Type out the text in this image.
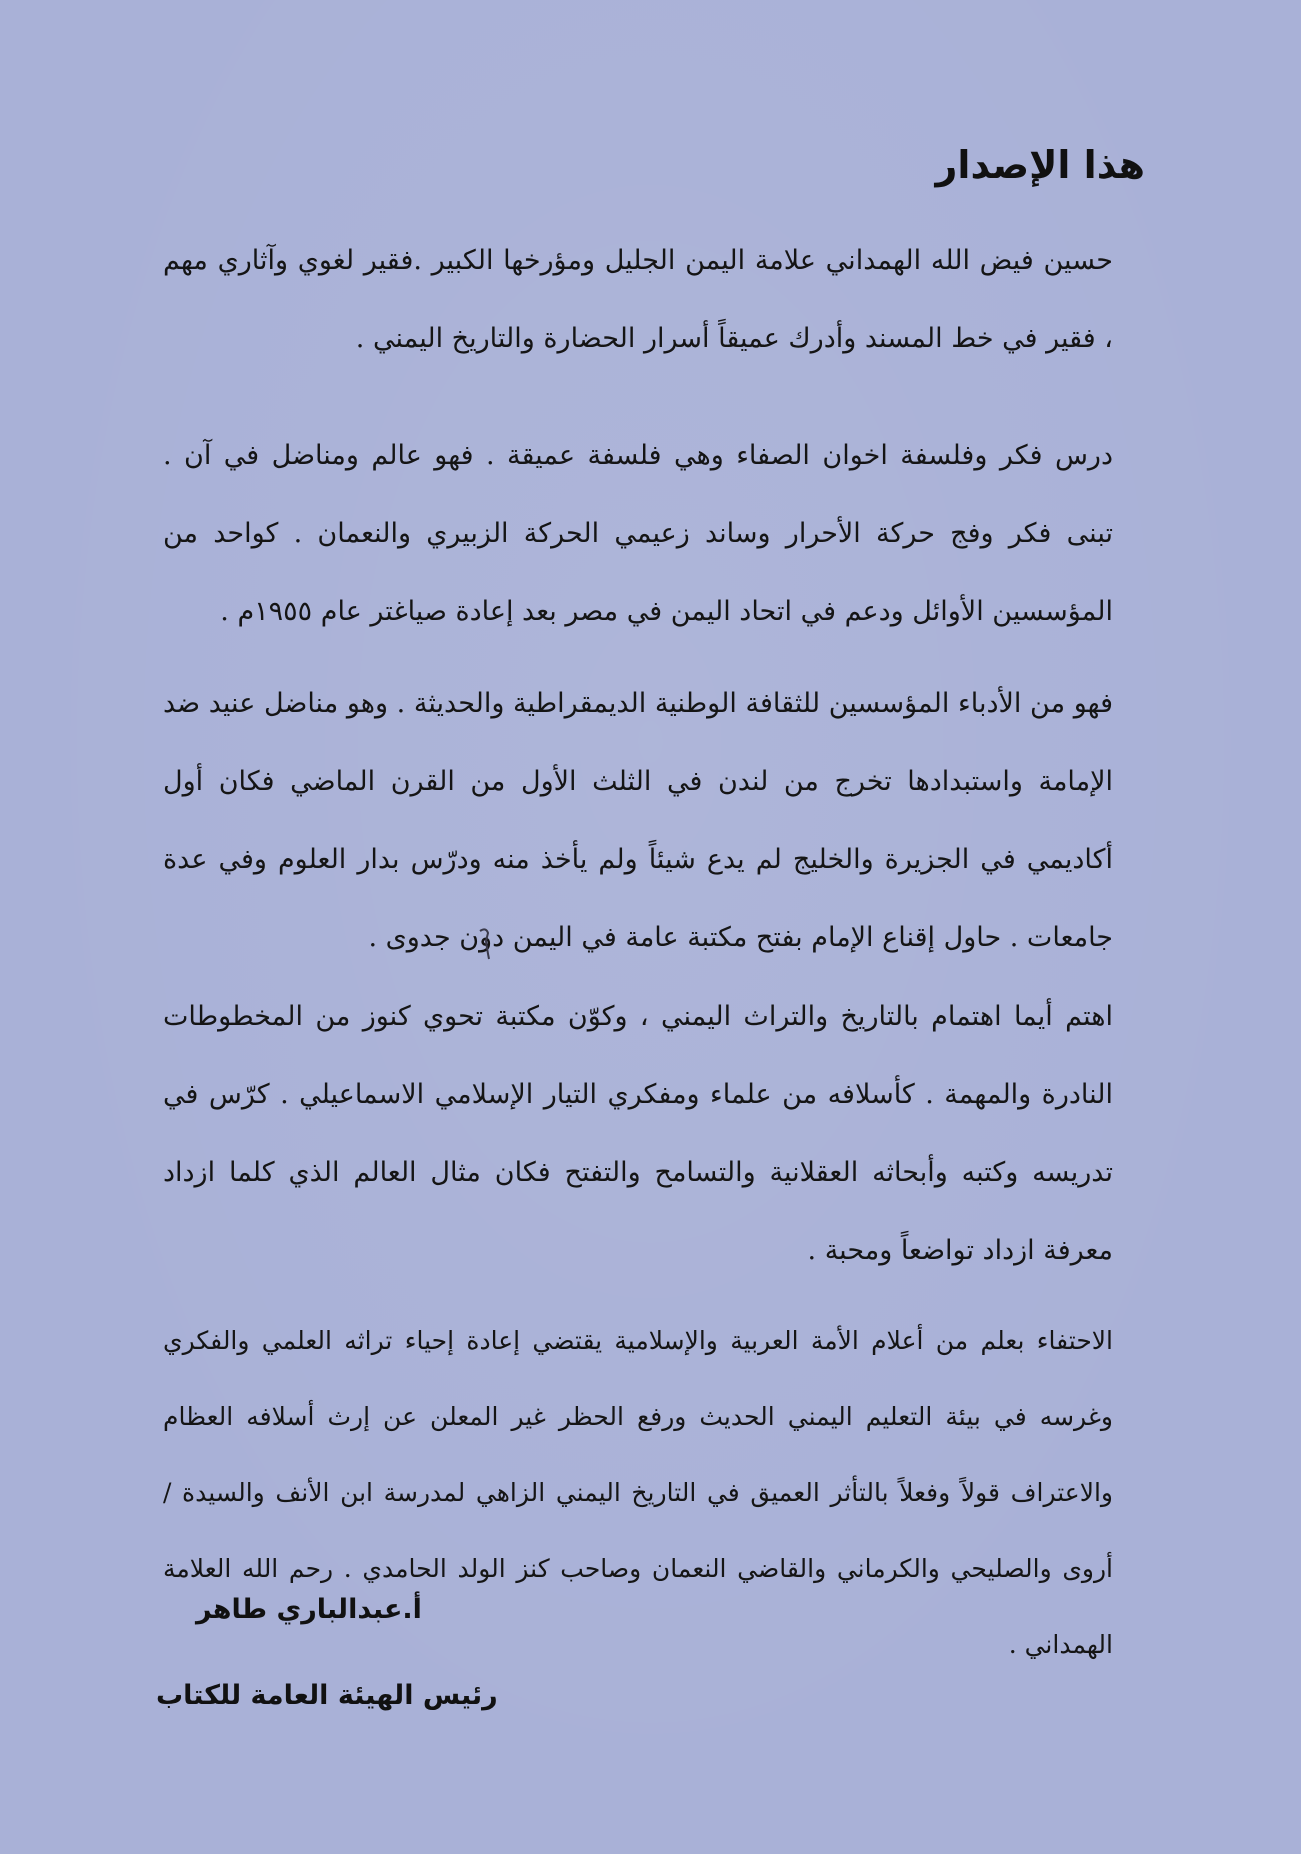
هذا الإصدار

حسين فيض الله الهمداني علامة اليمن الجليل ومؤرخها الكبير .فقير لغوي وآثاري مهم ، فقير في خط المسند وأدرك عميقاً أسرار الحضارة والتاريخ اليمني .

درس فكر وفلسفة اخوان الصفاء وهي فلسفة عميقة . فهو عالم ومناضل في آن . تبنى فكر وفج حركة الأحرار وساند زعيمي الحركة الزبيري والنعمان . كواحد من المؤسسين الأوائل ودعم في اتحاد اليمن في مصر بعد إعادة صياغتر عام ١٩٥٥م .

فهو من الأدباء المؤسسين للثقافة الوطنية الديمقراطية والحديثة . وهو مناضل عنيد ضد الإمامة واستبدادها تخرج من لندن في الثلث الأول من القرن الماضي فكان أول أكاديمي في الجزيرة والخليج لم يدع شيئاً ولم يأخذ منه ودرّس بدار العلوم وفي عدة جامعات . حاول إقناع الإمام بفتح مكتبة عامة في اليمن دون جدوى .

اهتم أيما اهتمام بالتاريخ والتراث اليمني ، وكوّن مكتبة تحوي كنوز من المخطوطات النادرة والمهمة . كأسلافه من علماء ومفكري التيار الإسلامي الاسماعيلي . كرّس في تدريسه وكتبه وأبحاثه العقلانية والتسامح والتفتح فكان مثال العالم الذي كلما ازداد معرفة ازداد تواضعاً ومحبة .

الاحتفاء بعلم من أعلام الأمة العربية والإسلامية يقتضي إعادة إحياء تراثه العلمي والفكري وغرسه في بيئة التعليم اليمني الحديث ورفع الحظر غير المعلن عن إرث أسلافه العظام والاعتراف قولاً وفعلاً بالتأثر العميق في التاريخ اليمني الزاهي لمدرسة ابن الأنف والسيدة /أروى والصليحي والكرماني والقاضي النعمان وصاحب كنز الولد الحامدي . رحم الله العلامة الهمداني .

أ.عبدالباري طاهر

رئيس الهيئة العامة للكتاب
